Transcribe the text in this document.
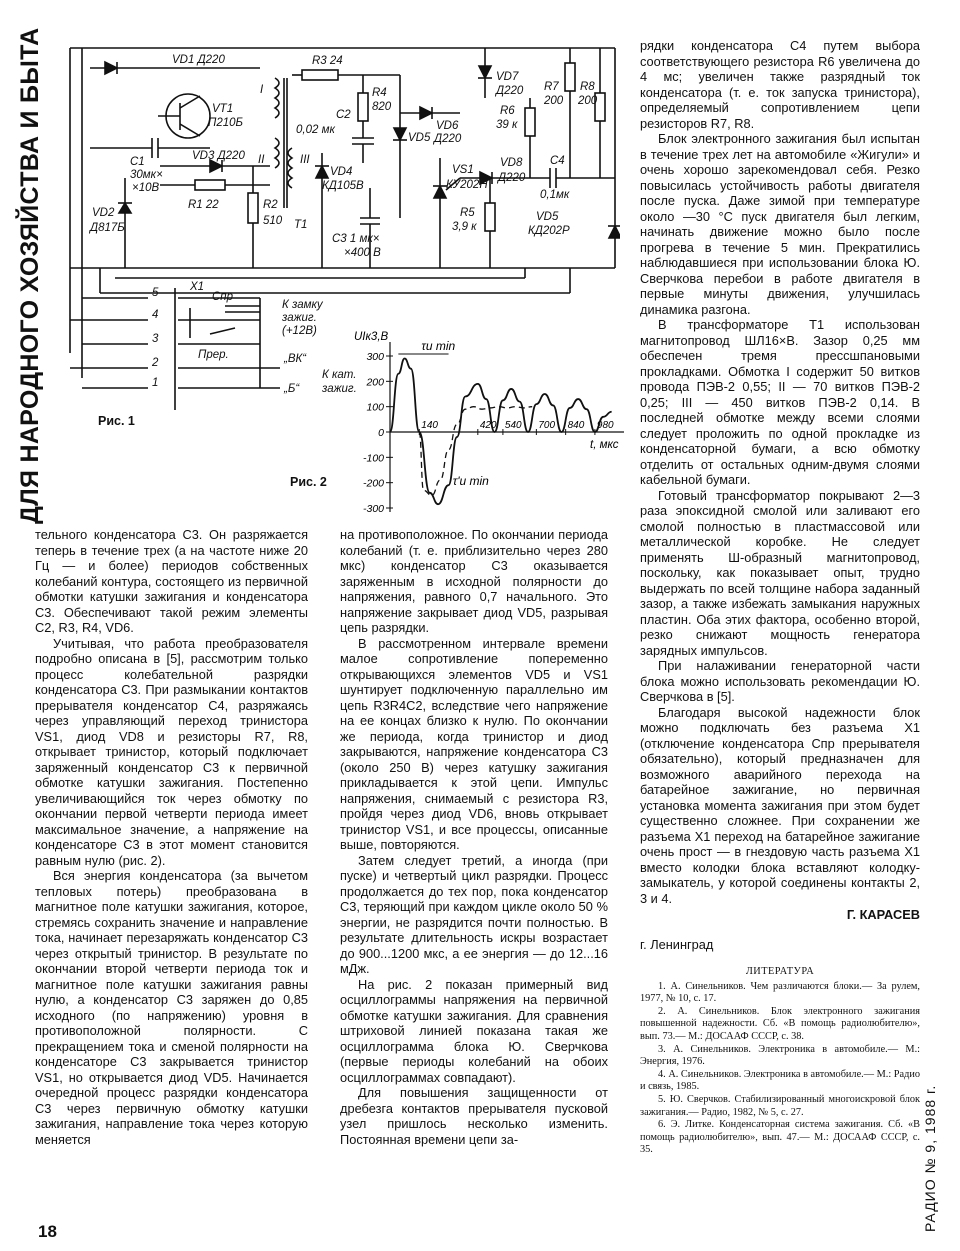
ДЛЯ НАРОДНОГО ХОЗЯЙСТВА И БЫТА
РАДИО № 9, 1988 г.
VD1 Д220
VT1
П210Б
C1
30мк×
×10В
VD3 Д220
R1 22	R2
510
VD2
Д817Б
I
II	III
T1
R3 24
R4
820
C2
0,02 мк
VD4
КД105В
VD5
VD6
Д220
C3 1 мк×
×400 В
VD7
Д220
R6
39 к
R7
200
R8
200
VS1
КУ202Н
VD8
Д220
C4
0,1мк
R5
3,9 к
VD5
КД202Р
X1
5
4
3
2
1
Cпр
Прер.
К замку
зажиг.
(+12В)
„ВК“
„Б“
К кат.
зажиг.
Рис. 1
300
200
100
0
-100
-200
-300
140	420 540 700 840 980
UIк3,В
t, мкс
τи min
τ'и min
Рис. 2

тельного конденсатора C3. Он разряжается теперь в течение трех (а на частоте ниже 20 Гц — и более) периодов собственных колебаний контура, состоящего из первичной обмотки катушки зажигания и конденсатора C3. Обеспечивают такой режим элементы C2, R3, R4, VD6.

Учитывая, что работа преобразователя подробно описана в [5], рассмотрим только процесс колебательной разрядки конденсатора C3. При размыкании контактов прерывателя конденсатор C4, разряжаясь через управляющий переход тринистора VS1, диод VD8 и резисторы R7, R8, открывает тринистор, который подключает заряженный конденсатор C3 к первичной обмотке катушки зажигания. Постепенно увеличивающийся ток через обмотку по окончании первой четверти периода имеет максимальное значение, а напряжение на конденсаторе C3 в этот момент становится равным нулю (рис. 2).

Вся энергия конденсатора (за вычетом тепловых потерь) преобразована в магнитное поле катушки зажигания, которое, стремясь сохранить значение и направление тока, начинает перезаряжать конденсатор C3 через открытый тринистор. В результате по окончании второй четверти периода ток и магнитное поле катушки зажигания равны нулю, а конденсатор C3 заряжен до 0,85 исходного (по напряжению) уровня в противоположной полярности. С прекращением тока и сменой полярности на конденсаторе C3 закрывается тринистор VS1, но открывается диод VD5. Начинается очередной процесс разрядки конденсатора C3 через первичную обмотку катушки зажигания, направление тока через которую меняется

на противоположное. По окончании периода колебаний (т. е. приблизительно через 280 мкс) конденсатор C3 оказывается заряженным в исходной полярности до напряжения, равного 0,7 начального. Это напряжение закрывает диод VD5, разрывая цепь разрядки.

В рассмотренном интервале времени малое сопротивление попеременно открывающихся элементов VD5 и VS1 шунтирует подключенную параллельно им цепь R3R4C2, вследствие чего напряжение на ее концах близко к нулю. По окончании же периода, когда тринистор и диод закрываются, напряжение конденсатора C3 (около 250 В) через катушку зажигания прикладывается к этой цепи. Импульс напряжения, снимаемый с резистора R3, пройдя через диод VD6, вновь открывает тринистор VS1, и все процессы, описанные выше, повторяются.

Затем следует третий, а иногда (при пуске) и четвертый цикл разрядки. Процесс продолжается до тех пор, пока конденсатор C3, теряющий при каждом цикле около 50 % энергии, не разрядится почти полностью. В результате длительность искры возрастает до 900...1200 мкс, а ее энергия — до 12...16 мДж.

На рис. 2 показан примерный вид осциллограммы напряжения на первичной обмотке катушки зажигания. Для сравнения штриховой линией показана такая же осциллограмма блока Ю. Сверчкова (первые периоды колебаний на обоих осциллограммах совпадают).

Для повышения защищенности от дребезга контактов прерывателя пусковой узел пришлось несколько изменить. Постоянная времени цепи за-

рядки конденсатора C4 путем выбора соответствующего резистора R6 увеличена до 4 мс; увеличен также разрядный ток конденсатора (т. е. ток запуска тринистора), определяемый сопротивлением цепи резисторов R7, R8.

Блок электронного зажигания был испытан в течение трех лет на автомобиле «Жигули» и очень хорошо зарекомендовал себя. Резко повысилась устойчивость работы двигателя после пуска. Даже зимой при температуре около —30 °С пуск двигателя был легким, начинать движение можно было после прогрева в течение 5 мин. Прекратились наблюдавшиеся при использовании блока Ю. Сверчкова перебои в работе двигателя в первые минуты движения, улучшилась динамика разгона.

В трансформаторе Т1 использован магнитопровод ШЛ16×В. Зазор 0,25 мм обеспечен тремя прессшпановыми прокладками. Обмотка I содержит 50 витков провода ПЭВ-2 0,55; II — 70 витков ПЭВ-2 0,25; III — 450 витков ПЭВ-2 0,14. В последней обмотке между всеми слоями следует проложить по одной прокладке из конденсаторной бумаги, а всю обмотку отделить от остальных одним-двумя слоями кабельной бумаги.

Готовый трансформатор покрывают 2—3 раза эпоксидной смолой или заливают его смолой полностью в пластмассовой или металлической коробке. Не следует применять Ш-образный магнитопровод, поскольку, как показывает опыт, трудно выдержать по всей толщине набора заданный зазор, а также избежать замыкания наружных пластин. Оба этих фактора, особенно второй, резко снижают мощность генератора зарядных импульсов.

При налаживании генераторной части блока можно использовать рекомендации Ю. Сверчкова в [5].

Благодаря высокой надежности блок можно подключать без разъема X1 (отключение конденсатора Спр прерывателя обязательно), который предназначен для возможного аварийного перехода на батарейное зажигание, но первичная установка момента зажигания при этом будет существенно сложнее. При сохранении же разъема X1 переход на батарейное зажигание очень прост — в гнездовую часть разъема X1 вместо колодки блока вставляют колодку-замыкатель, у которой соединены контакты 2, 3 и 4.

Г. КАРАСЕВ
г. Ленинград
ЛИТЕРАТУРА

1. А. Синельников. Чем различаются блоки.— За рулем, 1977, № 10, с. 17.

2. А. Синельников. Блок электронного зажигания повышенной надежности. Сб. «В помощь радиолюбителю», вып. 73.— М.: ДОСААФ СССР, с. 38.

3. А. Синельников. Электроника в автомобиле.— М.: Энергия, 1976.

4. А. Синельников. Электроника в автомобиле.— М.: Радио и связь, 1985.

5. Ю. Сверчков. Стабилизированный многоискровой блок зажигания.— Радио, 1982, № 5, с. 27.

6. Э. Литке. Конденсаторная система зажигания. Сб. «В помощь радиолюбителю», вып. 47.— М.: ДОСААФ СССР, с. 35.

18
